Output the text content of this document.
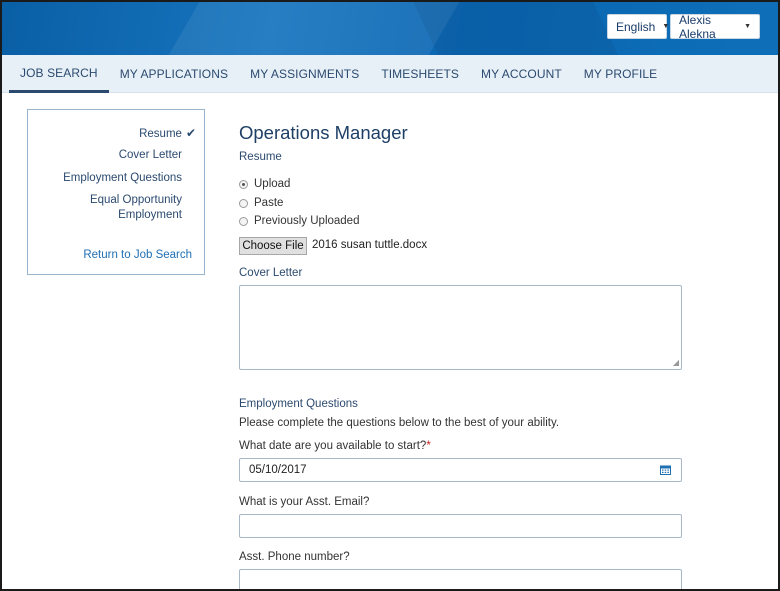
English ▼ Alexis Alekna	▼
JOB SEARCH	MY APPLICATIONS	MY ASSIGNMENTS	TIMESHEETS	MY ACCOUNT	MY PROFILE
Resume ✔
Cover Letter
Employment Questions
Equal Opportunity
Employment
Return to Job Search
Operations Manager
Resume
Upload
Paste
Previously Uploaded
Choose File 2016 susan tuttle.docx
Cover Letter
◢
Employment Questions
Please complete the questions below to the best of your ability.
What date are you available to start?*
05/10/2017
What is your Asst. Email?
Asst. Phone number?
